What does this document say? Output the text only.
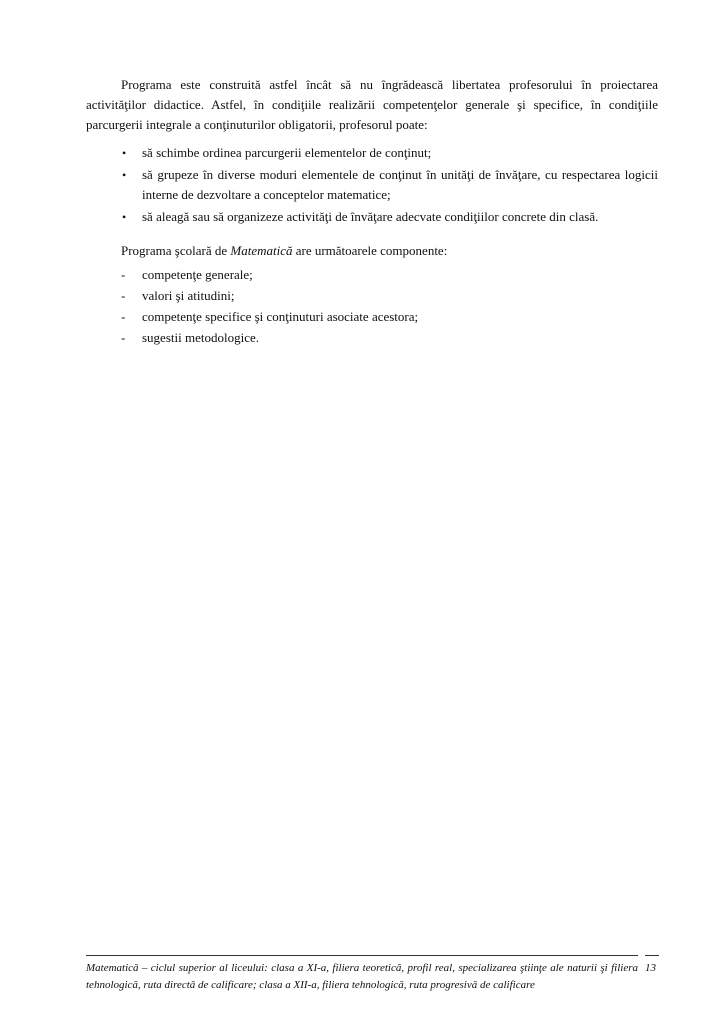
Programa este construită astfel încât să nu îngrădească libertatea profesorului în proiectarea activităţilor didactice. Astfel, în condiţiile realizării competenţelor generale şi specifice, în condiţiile parcurgerii integrale a conţinuturilor obligatorii, profesorul poate:

• să schimbe ordinea parcurgerii elementelor de conţinut;
• să grupeze în diverse moduri elementele de conţinut în unităţi de învăţare, cu respectarea logicii interne de dezvoltare a conceptelor matematice;
• să aleagă sau să organizeze activităţi de învăţare adecvate condiţiilor concrete din clasă.
Programa şcolară de Matematică are următoarele componente:
- competenţe generale;
- valori şi atitudini;
- competenţe specifice şi conţinuturi asociate acestora;
- sugestii metodologice.
Matematică – ciclul superior al liceului: clasa a XI-a, filiera teoretică, profil real, specializarea ştiinţe ale naturii şi filiera tehnologică, ruta directă de calificare; clasa a XII-a, filiera tehnologică, ruta progresivă de calificare
13
